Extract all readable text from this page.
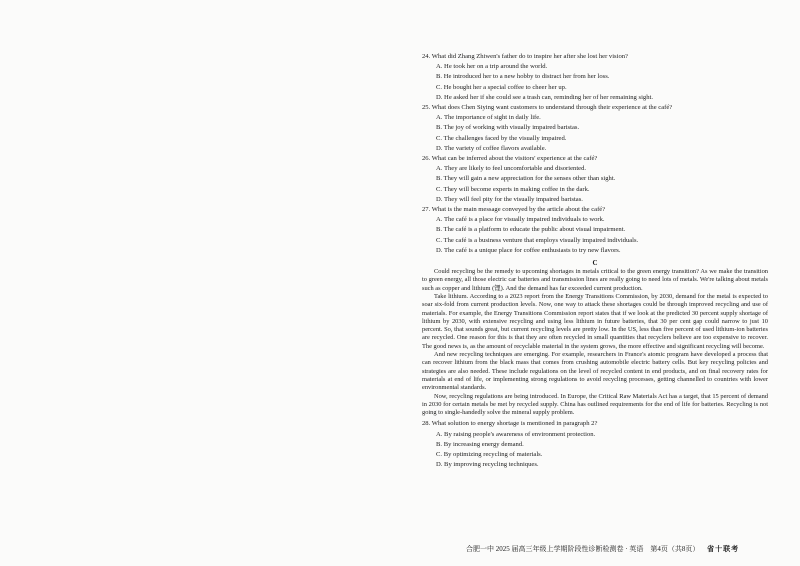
24. What did Zhang Zhiwen's father do to inspire her after she lost her vision?
A. He took her on a trip around the world.
B. He introduced her to a new hobby to distract her from her loss.
C. He bought her a special coffee to cheer her up.
D. He asked her if she could see a trash can, reminding her of her remaining sight.
25. What does Chen Siying want customers to understand through their experience at the café?
A. The importance of sight in daily life.
B. The joy of working with visually impaired baristas.
C. The challenges faced by the visually impaired.
D. The variety of coffee flavors available.
26. What can be inferred about the visitors' experience at the café?
A. They are likely to feel uncomfortable and disoriented.
B. They will gain a new appreciation for the senses other than sight.
C. They will become experts in making coffee in the dark.
D. They will feel pity for the visually impaired baristas.
27. What is the main message conveyed by the article about the café?
A. The café is a place for visually impaired individuals to work.
B. The café is a platform to educate the public about visual impairment.
C. The café is a business venture that employs visually impaired individuals.
D. The café is a unique place for coffee enthusiasts to try new flavors.
C

Could recycling be the remedy to upcoming shortages in metals critical to the green energy transition? As we make the transition to green energy, all those electric car batteries and transmission lines are really going to need lots of metals. We're talking about metals such as copper and lithium (锂). And the demand has far exceeded current production.

Take lithium. According to a 2023 report from the Energy Transitions Commission, by 2030, demand for the metal is expected to soar six-fold from current production levels. Now, one way to attack these shortages could be through improved recycling and use of materials. For example, the Energy Transitions Commission report states that if we look at the predicted 30 percent supply shortage of lithium by 2030, with extensive recycling and using less lithium in future batteries, that 30 per cent gap could narrow to just 10 percent. So, that sounds great, but current recycling levels are pretty low. In the US, less than five percent of used lithium-ion batteries are recycled. One reason for this is that they are often recycled in small quantities that recyclers believe are too expensive to recover. The good news is, as the amount of recyclable material in the system grows, the more effective and significant recycling will become.

And new recycling techniques are emerging. For example, researchers in France's atomic program have developed a process that can recover lithium from the black mass that comes from crushing automobile electric battery cells. But key recycling policies and strategies are also needed. These include regulations on the level of recycled content in end products, and on final recovery rates for materials at end of life, or implementing strong regulations to avoid recycling processes, getting channelled to countries with lower environmental standards.

Now, recycling regulations are being introduced. In Europe, the Critical Raw Materials Act has a target, that 15 percent of demand in 2030 for certain metals be met by recycled supply. China has outlined requirements for the end of life for batteries. Recycling is not going to single-handedly solve the mineral supply problem.

28. What solution to energy shortage is mentioned in paragraph 2?
A. By raising people's awareness of environment protection.
B. By increasing energy demand.
C. By optimizing recycling of materials.
D. By improving recycling techniques.
合肥一中 2025 届高三年级上学期阶段性诊断检测卷 · 英语　第4页（共8页） 省十联考
